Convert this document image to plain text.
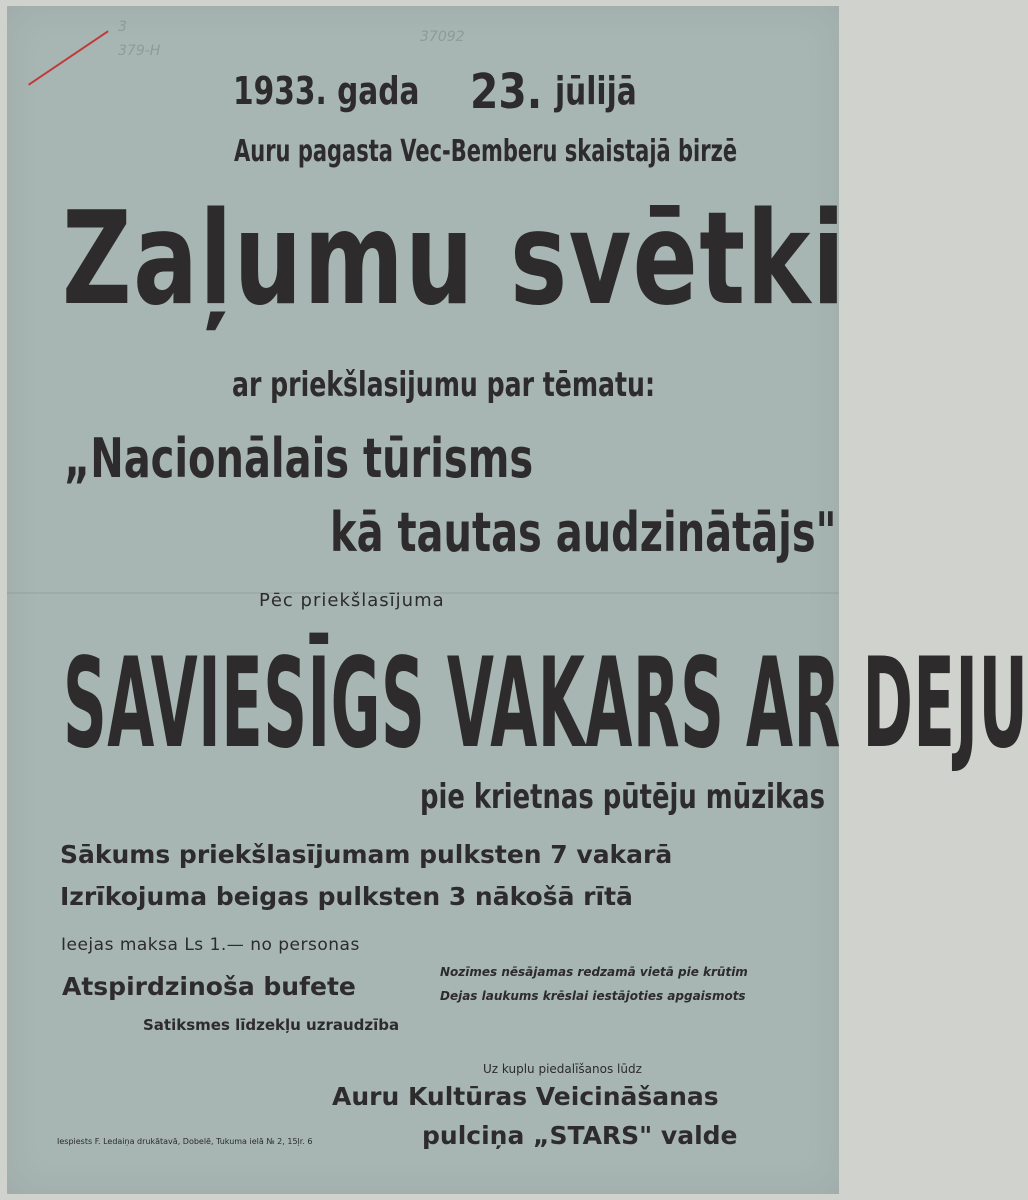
3
379-H
37092
1933. gada 23. jūlijā
Auru pagasta Vec-Bemberu skaistajā birzē
Zaļumu svētki
ar priekšlasijumu par tēmatu:
„Nacionālais tūrisms
kā tautas audzinātājs"
Pēc priekšlasījuma
SAVIESĪGS VAKARS AR DEJU
pie krietnas pūtēju mūzikas
Sākums priekšlasījumam pulksten 7 vakarā
Izrīkojuma beigas pulksten 3 nākošā rītā
Ieejas maksa Ls 1.— no personas
Nozīmes nēsājamas redzamā vietā pie krūtim
Dejas laukums krēslai iestājoties apgaismots
Atspirdzinoša bufete
Satiksmes līdzekļu uzraudzība
Uz kuplu piedalīšanos lūdz
Auru Kultūras Veicināšanas
pulciņa „STARS" valde
Iespiests F. Ledaiņa drukātavā, Dobelē, Tukuma ielā № 2, 15ļr. 6
